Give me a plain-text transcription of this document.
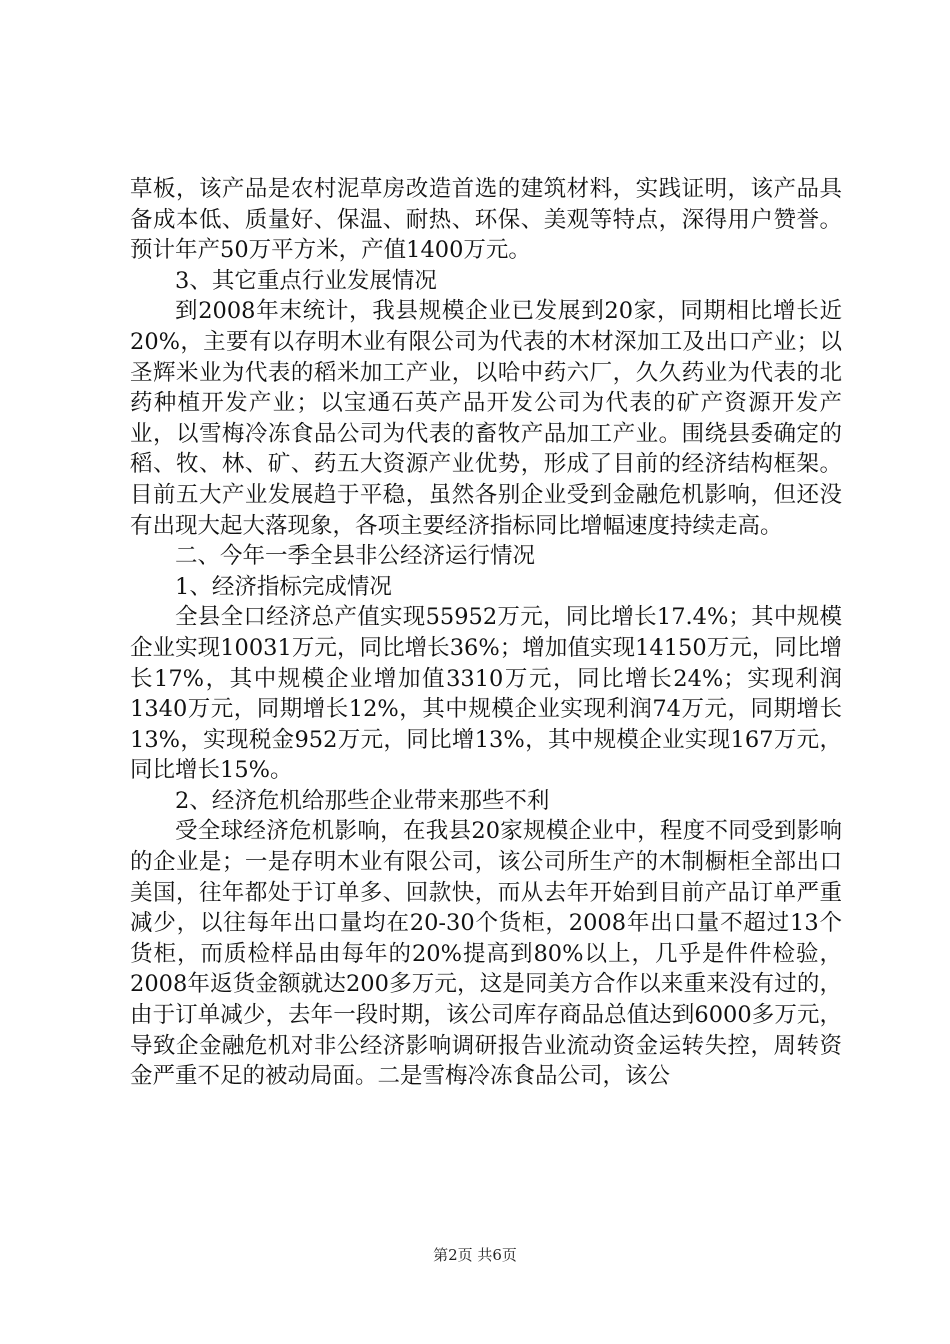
草板，该产品是农村泥草房改造首选的建筑材料，实践证明，该产品具备成本低、质量好、保温、耐热、环保、美观等特点，深得用户赞誉。预计年产50万平方米，产值1400万元。

3、其它重点行业发展情况

到2008年末统计，我县规模企业已发展到20家，同期相比增长近20%，主要有以存明木业有限公司为代表的木材深加工及出口产业；以圣辉米业为代表的稻米加工产业，以哈中药六厂，久久药业为代表的北药种植开发产业；以宝通石英产品开发公司为代表的矿产资源开发产业，以雪梅冷冻食品公司为代表的畜牧产品加工产业。围绕县委确定的稻、牧、林、矿、药五大资源产业优势，形成了目前的经济结构框架。目前五大产业发展趋于平稳，虽然各别企业受到金融危机影响，但还没有出现大起大落现象，各项主要经济指标同比增幅速度持续走高。

二、今年一季全县非公经济运行情况

1、经济指标完成情况

全县全口经济总产值实现55952万元，同比增长17.4%；其中规模企业实现10031万元，同比增长36%；增加值实现14150万元，同比增长17%，其中规模企业增加值3310万元，同比增长24%；实现利润1340万元，同期增长12%，其中规模企业实现利润74万元，同期增长13%，实现税金952万元，同比增13%，其中规模企业实现167万元，同比增长15%。

2、经济危机给那些企业带来那些不利

受全球经济危机影响，在我县20家规模企业中，程度不同受到影响的企业是；一是存明木业有限公司，该公司所生产的木制橱柜全部出口美国，往年都处于订单多、回款快，而从去年开始到目前产品订单严重减少，以往每年出口量均在20-30个货柜，2008年出口量不超过13个货柜，而质检样品由每年的20%提高到80%以上，几乎是件件检验，2008年返货金额就达200多万元，这是同美方合作以来重来没有过的，由于订单减少，去年一段时期，该公司库存商品总值达到6000多万元，导致企金融危机对非公经济影响调研报告业流动资金运转失控，周转资金严重不足的被动局面。二是雪梅冷冻食品公司，该公

第2页 共6页
